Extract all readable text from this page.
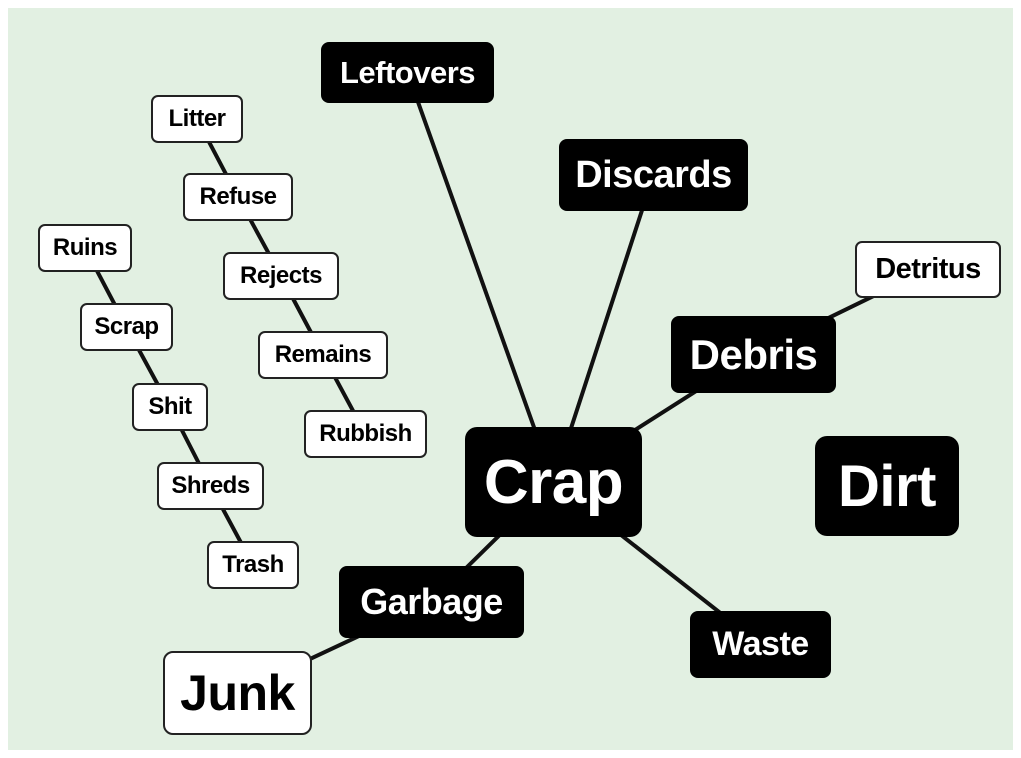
Crap
Leftovers
Discards
Debris
Detritus
Dirt
Waste
Garbage
Junk
Litter
Refuse
Rejects
Remains
Rubbish
Ruins
Scrap
Shit
Shreds
Trash
